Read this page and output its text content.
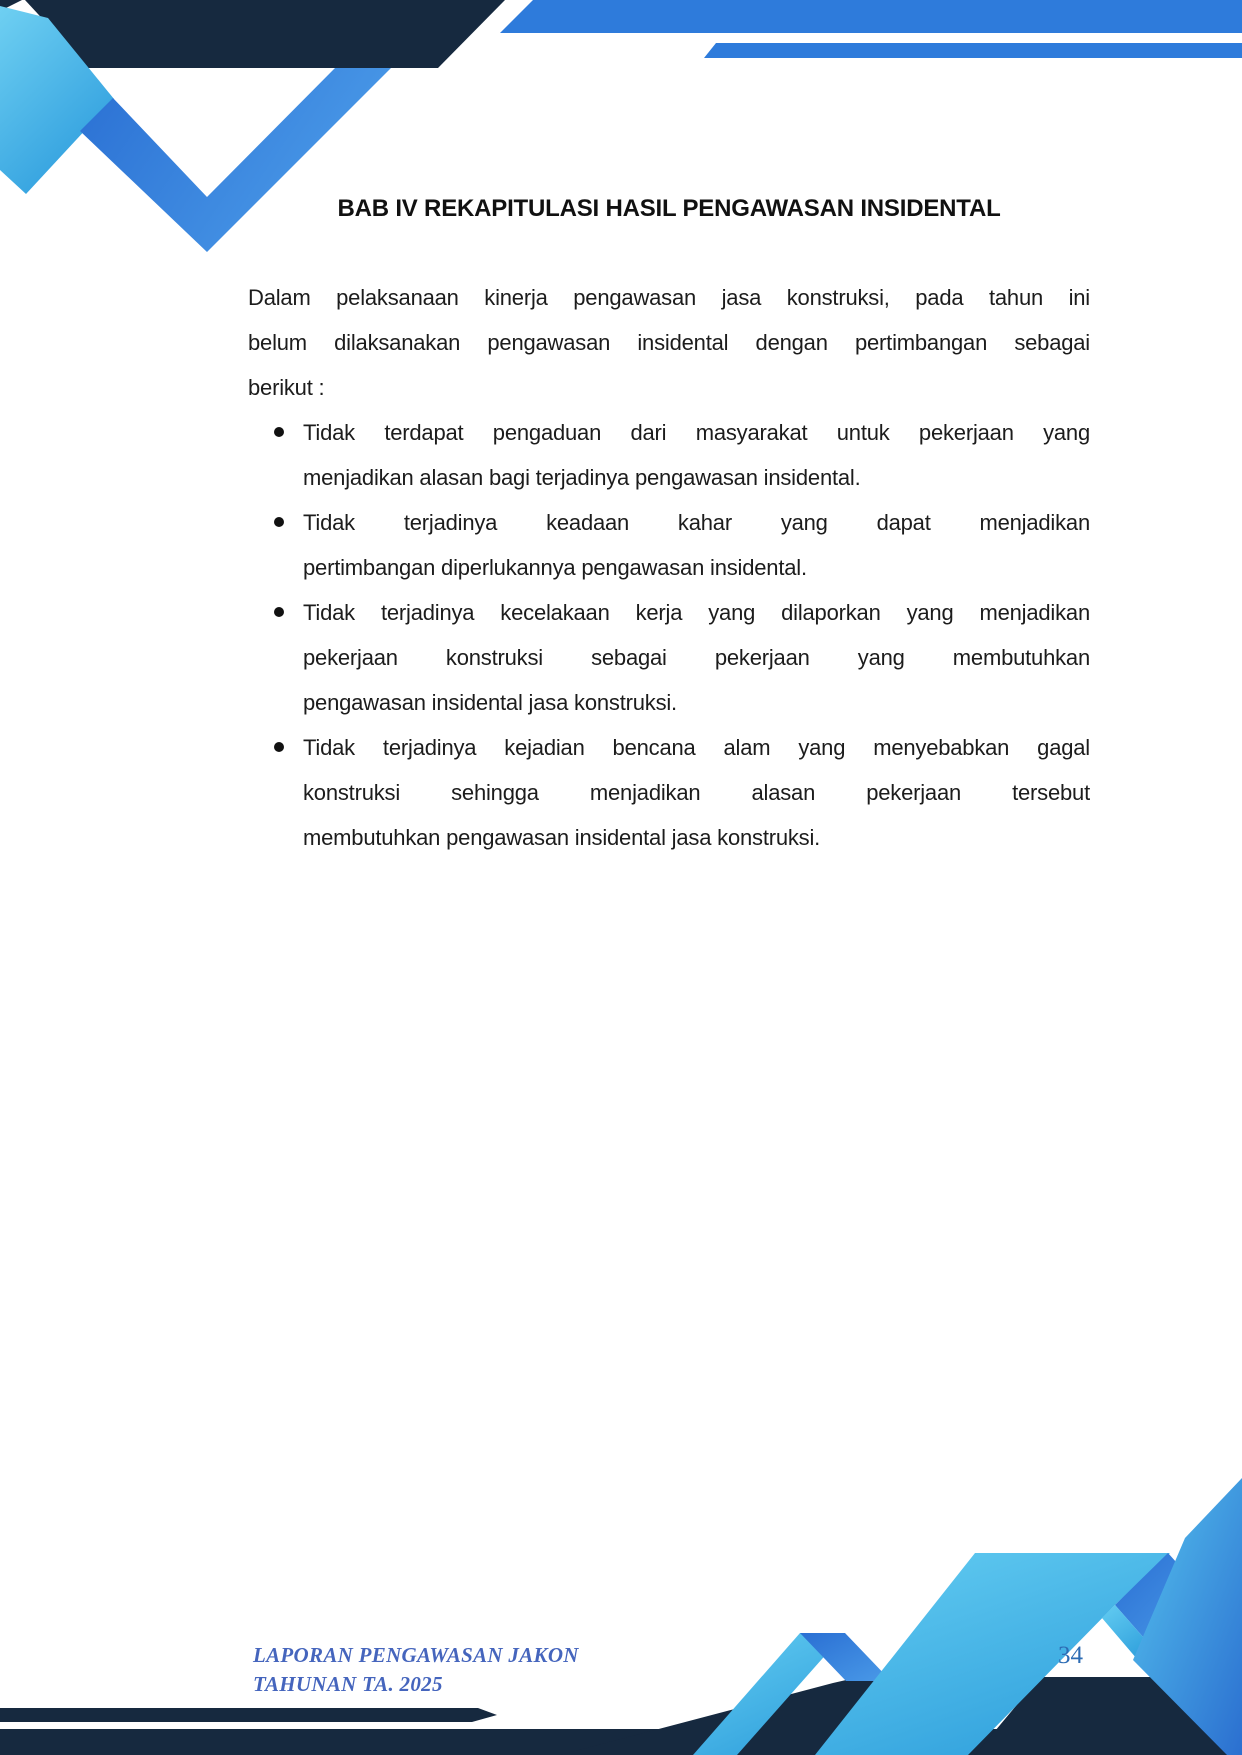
BAB IV REKAPITULASI HASIL PENGAWASAN INSIDENTAL
Dalam pelaksanaan kinerja pengawasan jasa konstruksi, pada tahun ini
belum dilaksanakan pengawasan insidental dengan pertimbangan sebagai
berikut :
Tidak terdapat pengaduan dari masyarakat untuk pekerjaan yang
menjadikan alasan bagi terjadinya pengawasan insidental.
Tidak terjadinya keadaan kahar yang dapat menjadikan
pertimbangan diperlukannya pengawasan insidental.
Tidak terjadinya kecelakaan kerja yang dilaporkan yang menjadikan
pekerjaan konstruksi sebagai pekerjaan yang membutuhkan
pengawasan insidental jasa konstruksi.
Tidak terjadinya kejadian bencana alam yang menyebabkan gagal
konstruksi sehingga menjadikan alasan pekerjaan tersebut
membutuhkan pengawasan insidental jasa konstruksi.
LAPORAN PENGAWASAN JAKON
TAHUNAN TA. 2025
34
